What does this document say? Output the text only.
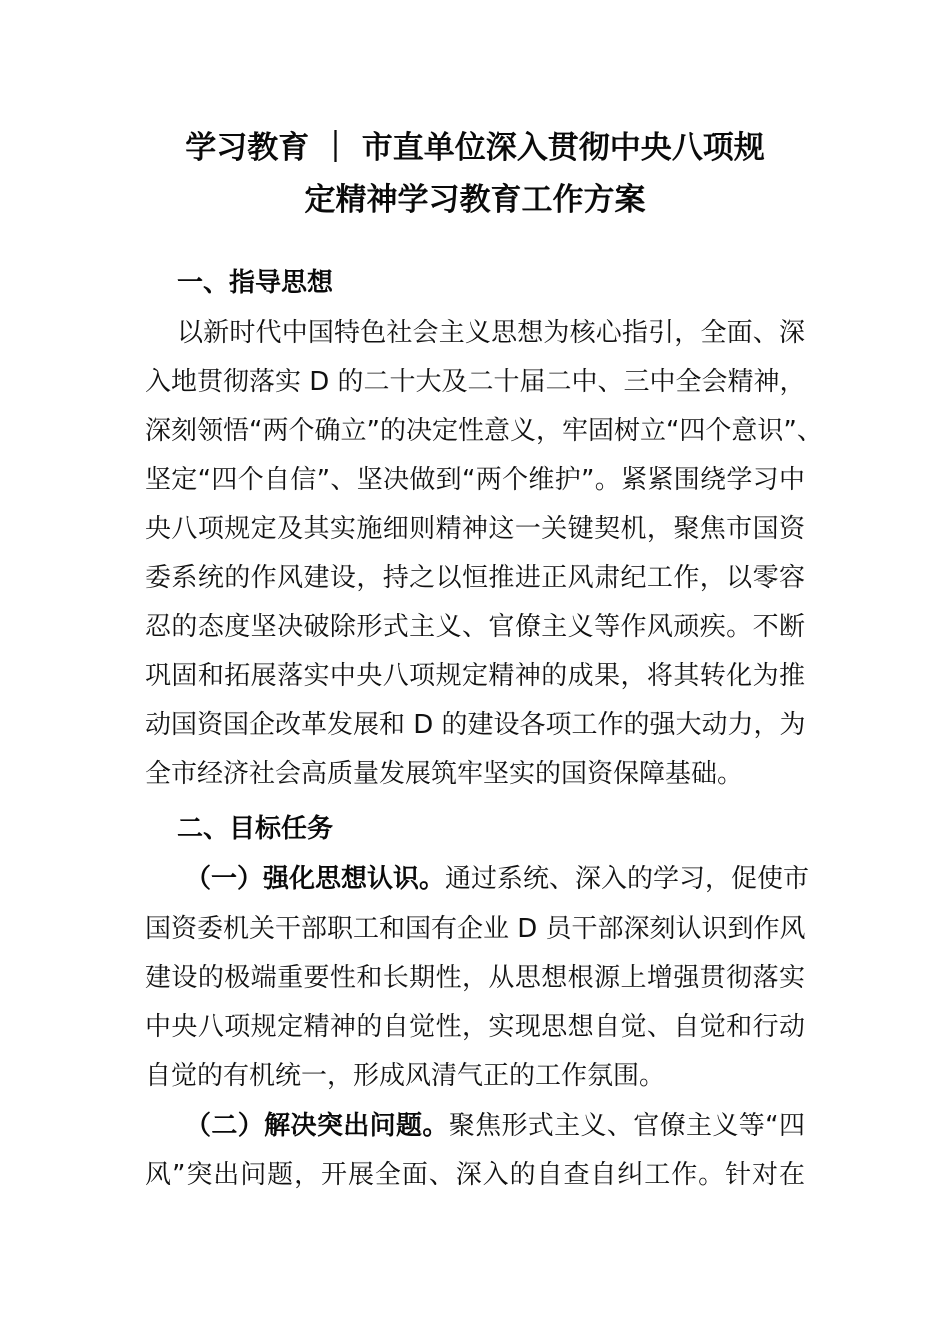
学习教育 ｜ 市直单位深入贯彻中央八项规
定精神学习教育工作方案
一、指导思想
以新时代中国特色社会主义思想为核心指引，全面、深
入地贯彻落实 D 的二十大及二十届二中、三中全会精神，
深刻领悟“两个确立”的决定性意义，牢固树立“四个意识”、
坚定“四个自信”、坚决做到“两个维护”。紧紧围绕学习中
央八项规定及其实施细则精神这一关键契机，聚焦市国资
委系统的作风建设，持之以恒推进正风肃纪工作，以零容
忍的态度坚决破除形式主义、官僚主义等作风顽疾。不断
巩固和拓展落实中央八项规定精神的成果，将其转化为推
动国资国企改革发展和 D 的建设各项工作的强大动力，为
全市经济社会高质量发展筑牢坚实的国资保障基础。
二、目标任务
（一）强化思想认识。通过系统、深入的学习，促使市
国资委机关干部职工和国有企业 D 员干部深刻认识到作风
建设的极端重要性和长期性，从思想根源上增强贯彻落实
中央八项规定精神的自觉性，实现思想自觉、自觉和行动
自觉的有机统一，形成风清气正的工作氛围。
（二）解决突出问题。聚焦形式主义、官僚主义等“四
风”突出问题，开展全面、深入的自查自纠工作。针对在
